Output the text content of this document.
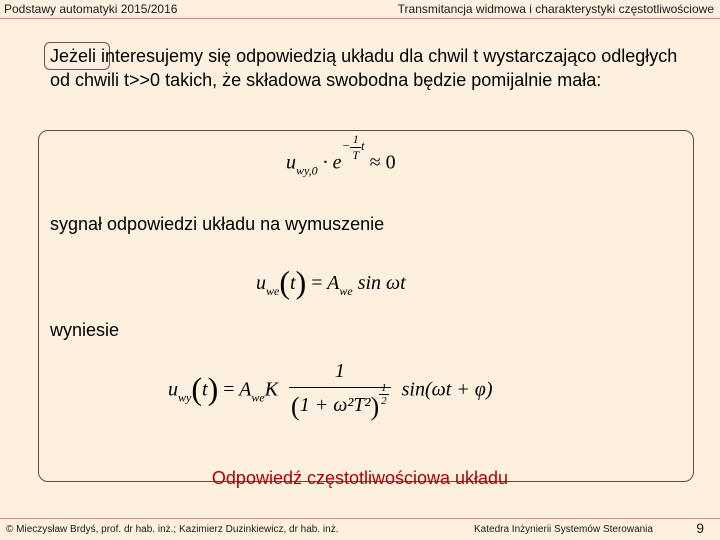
Podstawy automatyki 2015/2016	Transmitancja widmowa i charakterystyki częstotliwościowe
Jeżeli interesujemy się odpowiedzią układu dla chwil t wystarczająco odległych od chwili t>>0 takich, że składowa swobodna będzie pomijalnie mała:
$u_{wy,0} \cdot e^{- \frac{1}{T} t} \approx 0$
sygnał odpowiedzi układu na wymuszenie
$u_{we}(t) = A_{we}$ sin ωt
wyniesie
$u_{wy}(t) = A_{we}K \frac{1}{(1 + \omega^2T^2) \frac{1}{2}} \sin(\omega t + \varphi)$
Odpowiedź częstotliwościowa układu
© Mieczysław Brdyś, prof. dr hab. inż.; Kazimierz Duzinkiewicz, dr hab. inż.	Katedra Inżynierii Systemów Sterowania	9
